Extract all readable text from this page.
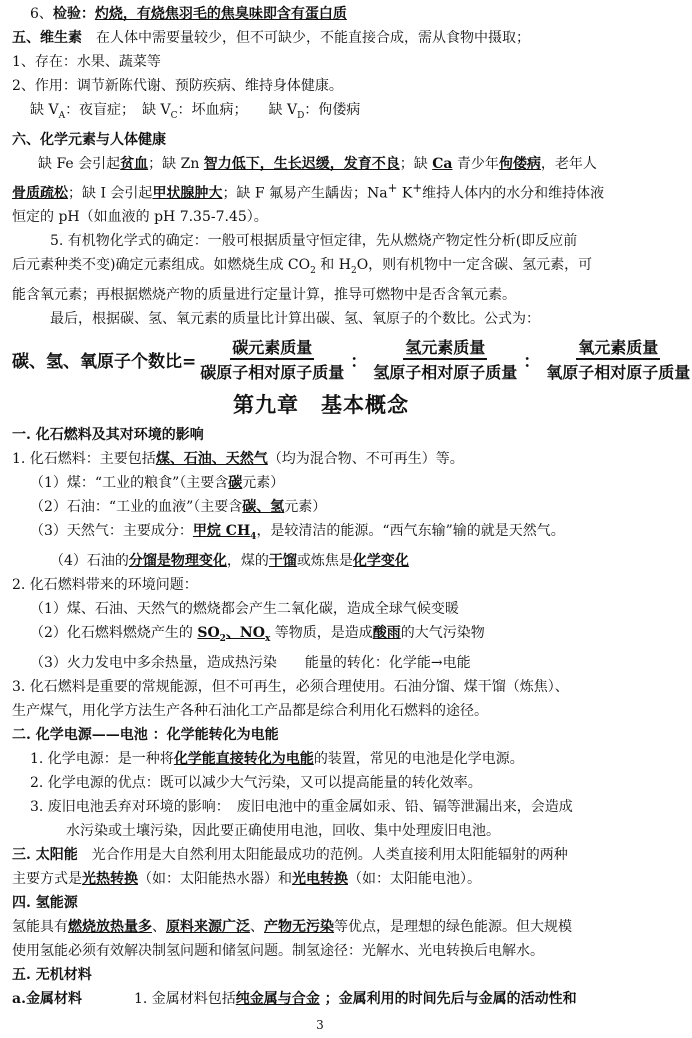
6、检验：灼烧，有烧焦羽毛的焦臭味即含有蛋白质
五、维生素　 在人体中需要量较少，但不可缺少，不能直接合成，需从食物中摄取；
1、存在：水果、蔬菜等
2、作用：调节新陈代谢、预防疾病、维持身体健康。
缺 $V_A$：夜盲症；　 缺 $V_C$：坏血病；　　 缺 $V_D$：佝偻病
六、化学元素与人体健康
缺 Fe 会引起贫血；缺 Zn 智力低下，生长迟缓，发育不良；缺 Ca 青少年佝偻病，老年人
骨质疏松；缺 I 会引起甲状腺肿大；缺 F 氟易产生龋齿；Na+ K+维持人体内的水分和维持体液
恒定的 pH（如血液的 pH 7.35-7.45）。
5. 有机物化学式的确定：一般可根据质量守恒定律，先从燃烧产物定性分析(即反应前
后元素种类不变)确定元素组成。如燃烧生成 $CO_2$ 和 $H_2O$，则有机物中一定含碳、氢元素，可
能含氧元素；再根据燃烧产物的质量进行定量计算，推导可燃物中是否含氧元素。
最后，根据碳、氢、氧元素的质量比计算出碳、氢、氧原子的个数比。公式为：
碳、氢、氧原子个数比= $\frac{\text{碳元素质量}}{\text{碳原子相对原子质量}}$ ： $\frac{\text{氢元素质量}}{\text{氢原子相对原子质量}}$ ： $\frac{\text{氧元素质量}}{\text{氧原子相对原子质量}}$
第九章　基本概念
一. 化石燃料及其对环境的影响
1. 化石燃料：主要包括煤、石油、天然气（均为混合物、不可再生）等。
（1）煤：“工业的粮食”（主要含碳元素）
（2）石油：“工业的血液”（主要含碳、氢元素）
（3）天然气：主要成分：甲烷 $CH_4$，是较清洁的能源。“西气东输”输的就是天然气。
（4）石油的分馏是物理变化，煤的干馏或炼焦是化学变化
2. 化石燃料带来的环境问题：
（1）煤、石油、天然气的燃烧都会产生二氧化碳，造成全球气候变暖
（2）化石燃料燃烧产生的 $SO_2$、$NO_x$ 等物质，是造成酸雨的大气污染物
（3）火力发电中多余热量，造成热污染　　能量的转化：化学能→电能
3. 化石燃料是重要的常规能源，但不可再生，必须合理使用。石油分馏、煤干馏（炼焦）、
生产煤气，用化学方法生产各种石油化工产品都是综合利用化石燃料的途径。
二. 化学电源——电池 ：化学能转化为电能
1. 化学电源：是一种将化学能直接转化为电能的装置，常见的电池是化学电源。
2. 化学电源的优点：既可以减少大气污染，又可以提高能量的转化效率。
3. 废旧电池丢弃对环境的影响：　废旧电池中的重金属如汞、铅、镉等泄漏出来，会造成
水污染或土壤污染，因此要正确使用电池，回收、集中处理废旧电池。
三. 太阳能　光合作用是大自然利用太阳能最成功的范例。人类直接利用太阳能辐射的两种
主要方式是光热转换（如：太阳能热水器）和光电转换（如：太阳能电池）。
四. 氢能源
氢能具有燃烧放热量多、原料来源广泛、产物无污染等优点，是理想的绿色能源。但大规模
使用氢能必须有效解决制氢问题和储氢问题。制氢途径：光解水、光电转换后电解水。
五. 无机材料
a.金属材料	1. 金属材料包括纯金属与合金 ；金属利用的时间先后与金属的活动性和
3
